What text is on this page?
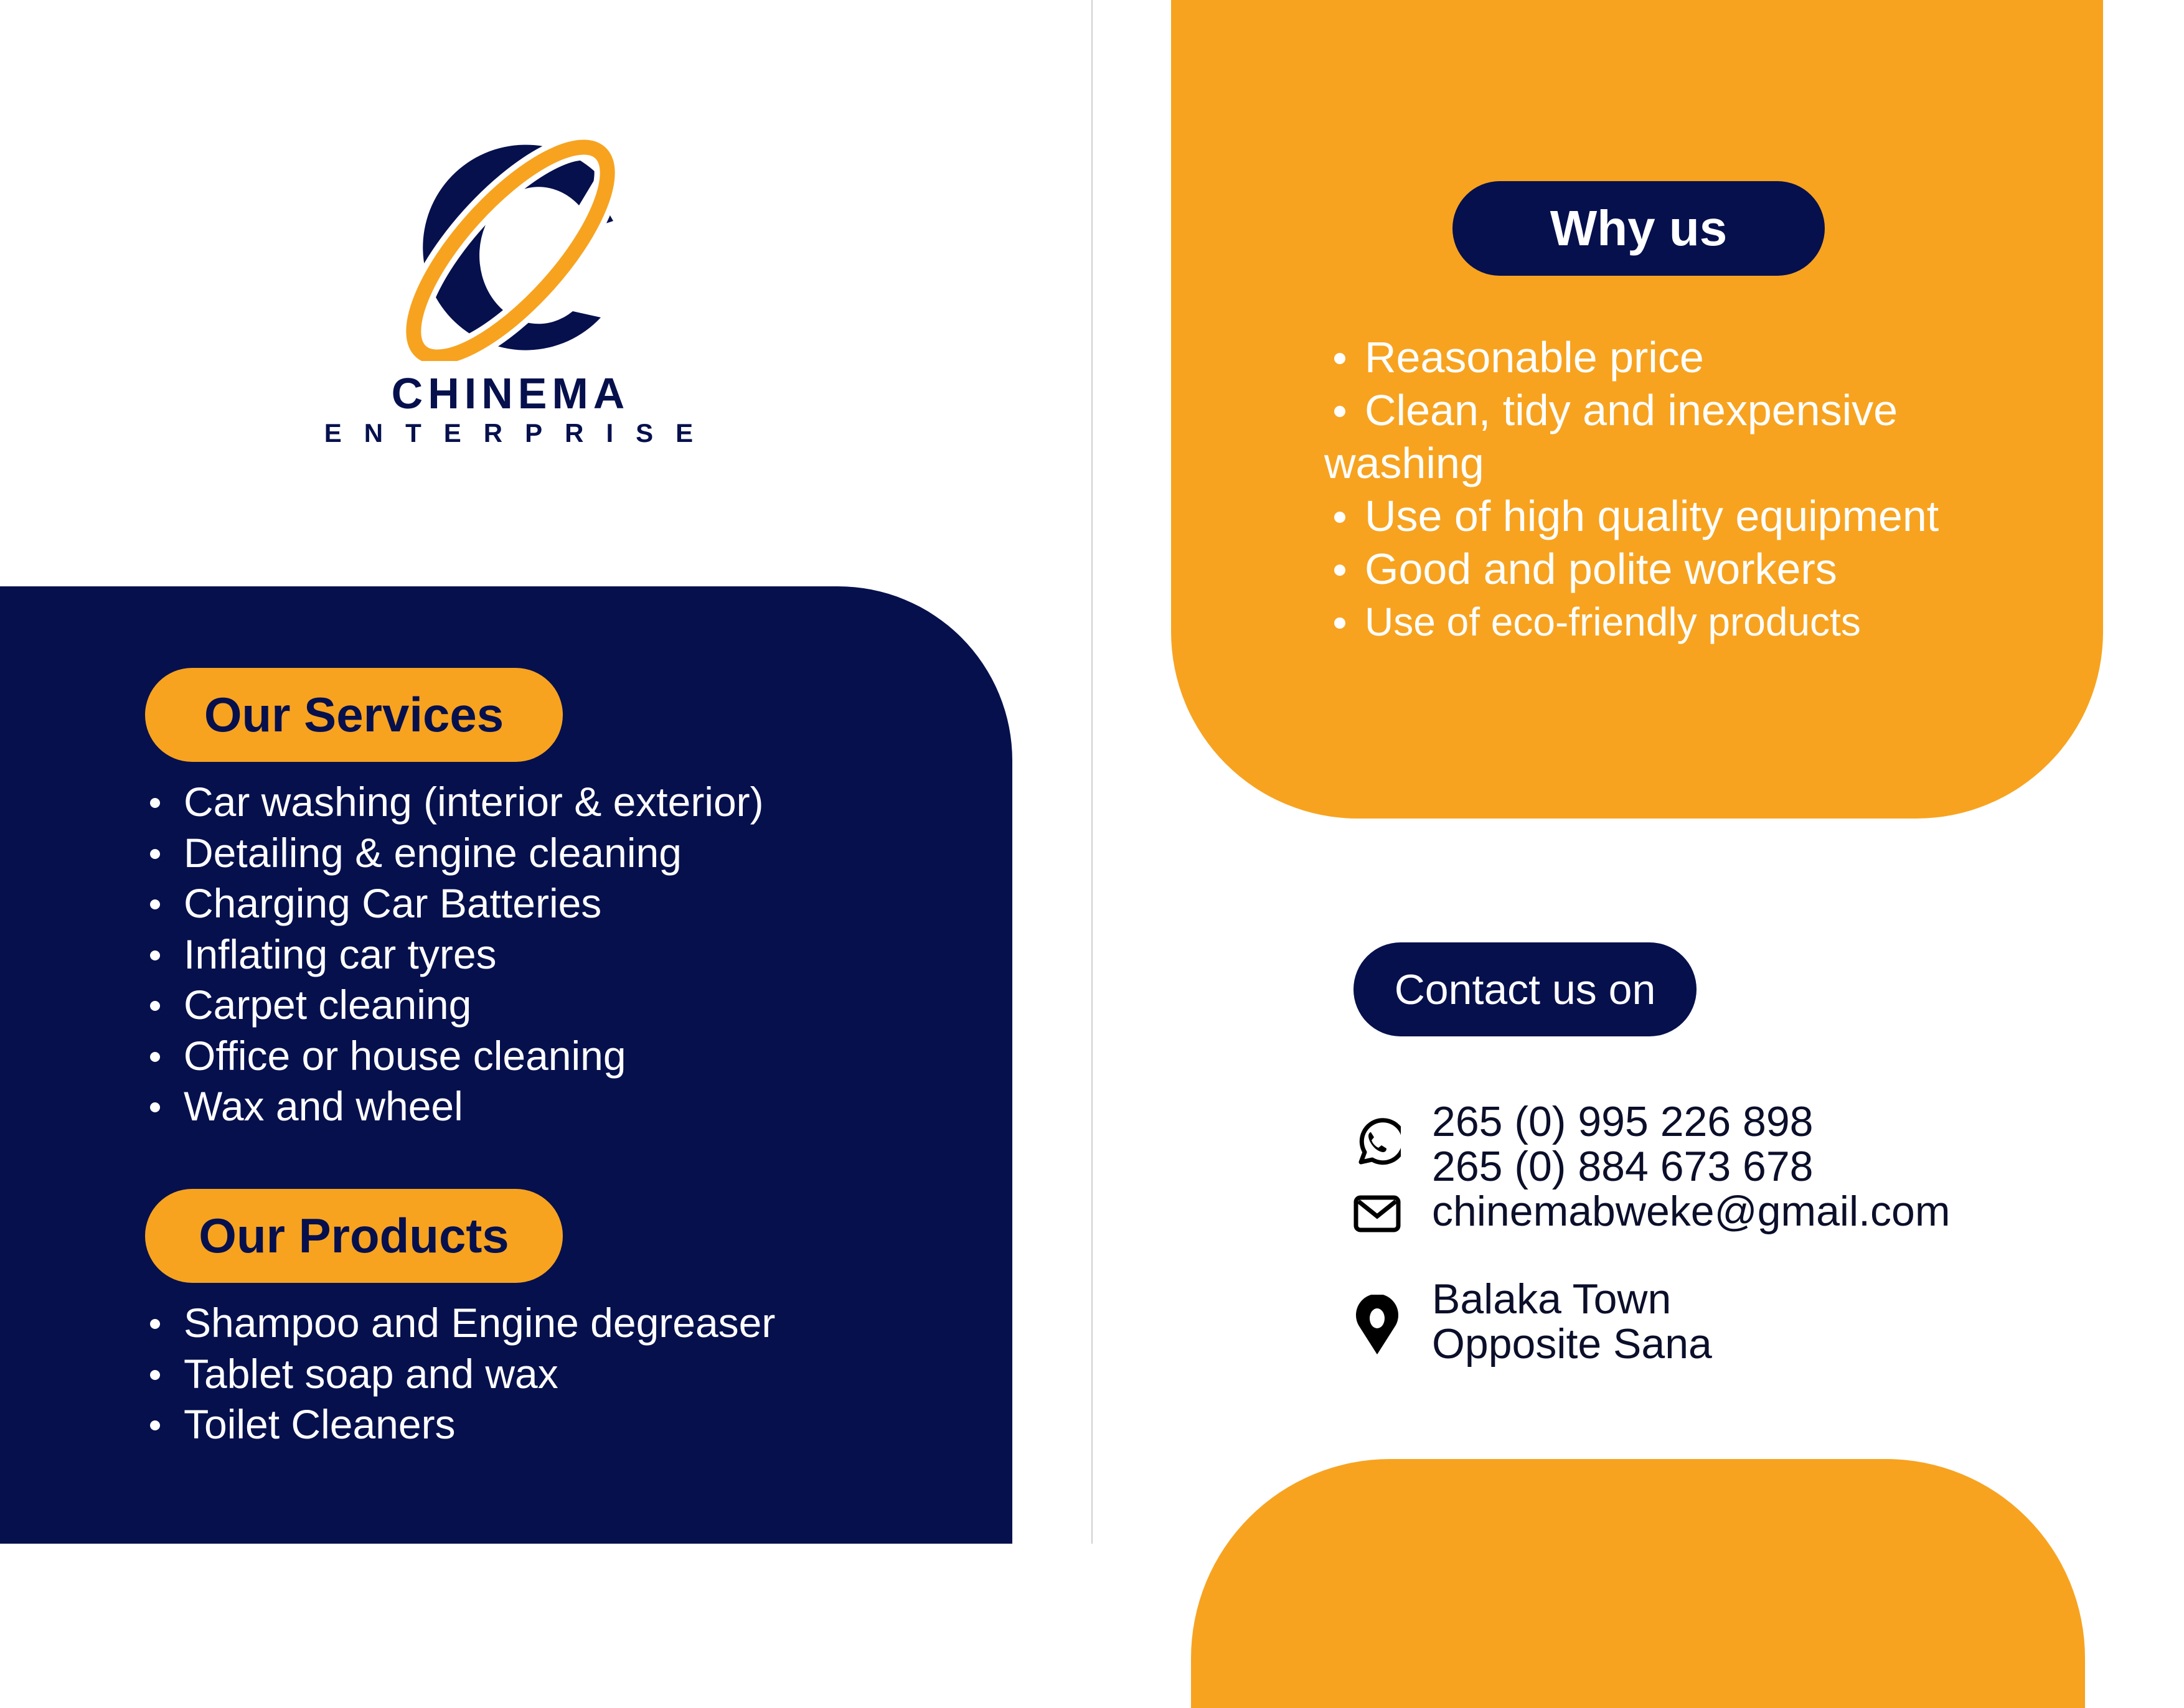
CHINEMA
ENTERPRISE
Our Services
Car washing (interior & exterior)
Detailing & engine cleaning
Charging Car Batteries
Inflating car tyres
Carpet cleaning
Office or house cleaning
Wax and wheel
Our Products
Shampoo and Engine degreaser
Tablet soap and wax
Toilet Cleaners
Why us
Reasonable price
Clean, tidy and inexpensive washing
Use of high quality equipment
Good and polite workers
Use of eco-friendly products
Contact us on
265 (0) 995 226 898
265 (0) 884 673 678
chinemabweke@gmail.com
Balaka Town
Opposite Sana
